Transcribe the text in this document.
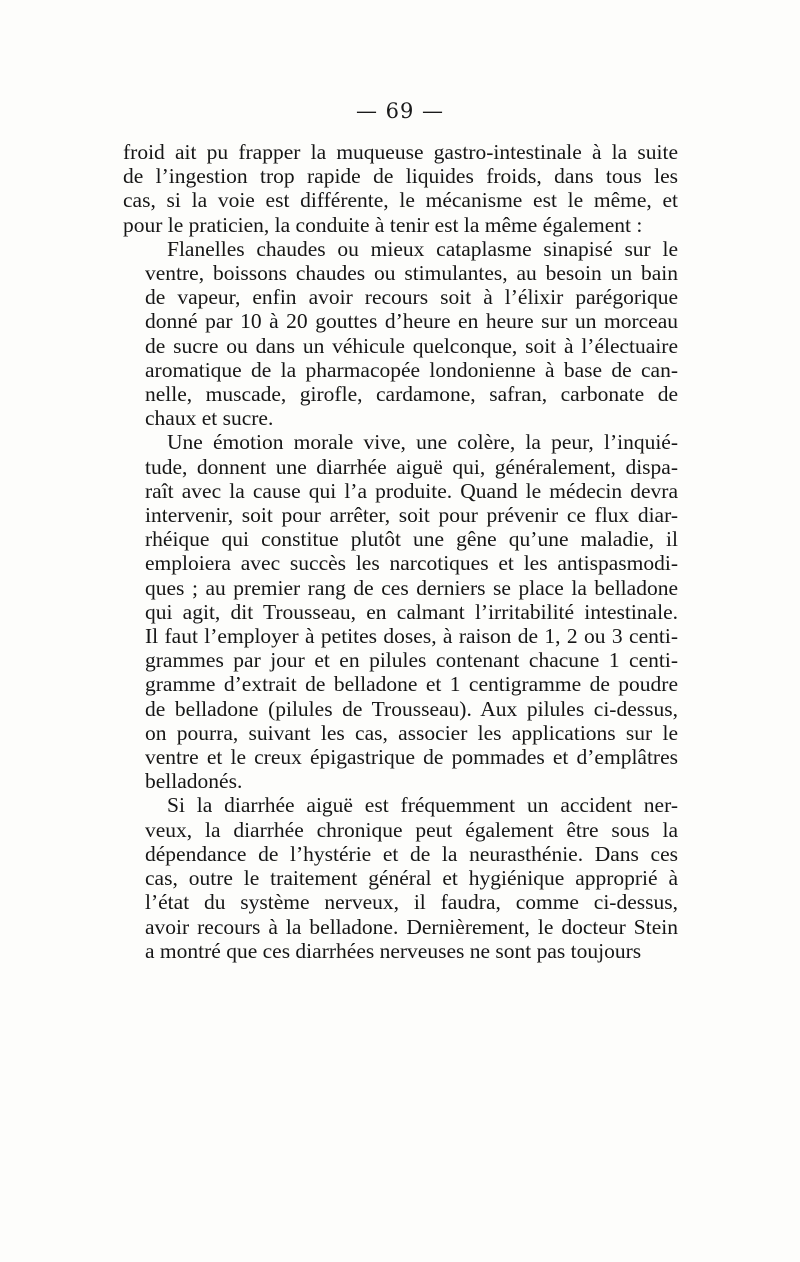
— 69 —

froid ait pu frapper la muqueuse gastro-intestinale à la suite
de l’ingestion trop rapide de liquides froids, dans tous les
cas, si la voie est différente, le mécanisme est le même, et
pour le praticien, la conduite à tenir est la même également :

Flanelles chaudes ou mieux cataplasme sinapisé sur le
ventre, boissons chaudes ou stimulantes, au besoin un bain
de vapeur, enfin avoir recours soit à l’élixir parégorique
donné par 10 à 20 gouttes d’heure en heure sur un morceau
de sucre ou dans un véhicule quelconque, soit à l’électuaire
aromatique de la pharmacopée londonienne à base de can-
nelle, muscade, girofle, cardamone, safran, carbonate de
chaux et sucre.

Une émotion morale vive, une colère, la peur, l’inquié-
tude, donnent une diarrhée aiguë qui, généralement, dispa-
raît avec la cause qui l’a produite. Quand le médecin devra
intervenir, soit pour arrêter, soit pour prévenir ce flux diar-
rhéique qui constitue plutôt une gêne qu’une maladie, il
emploiera avec succès les narcotiques et les antispasmodi-
ques ; au premier rang de ces derniers se place la belladone
qui agit, dit Trousseau, en calmant l’irritabilité intestinale.
Il faut l’employer à petites doses, à raison de 1, 2 ou 3 centi-
grammes par jour et en pilules contenant chacune 1 centi-
gramme d’extrait de belladone et 1 centigramme de poudre
de belladone (pilules de Trousseau). Aux pilules ci-dessus,
on pourra, suivant les cas, associer les applications sur le
ventre et le creux épigastrique de pommades et d’emplâtres
belladonés.

Si la diarrhée aiguë est fréquemment un accident ner-
veux, la diarrhée chronique peut également être sous la
dépendance de l’hystérie et de la neurasthénie. Dans ces
cas, outre le traitement général et hygiénique approprié à
l’état du système nerveux, il faudra, comme ci-dessus,
avoir recours à la belladone. Dernièrement, le docteur Stein
a montré que ces diarrhées nerveuses ne sont pas toujours
